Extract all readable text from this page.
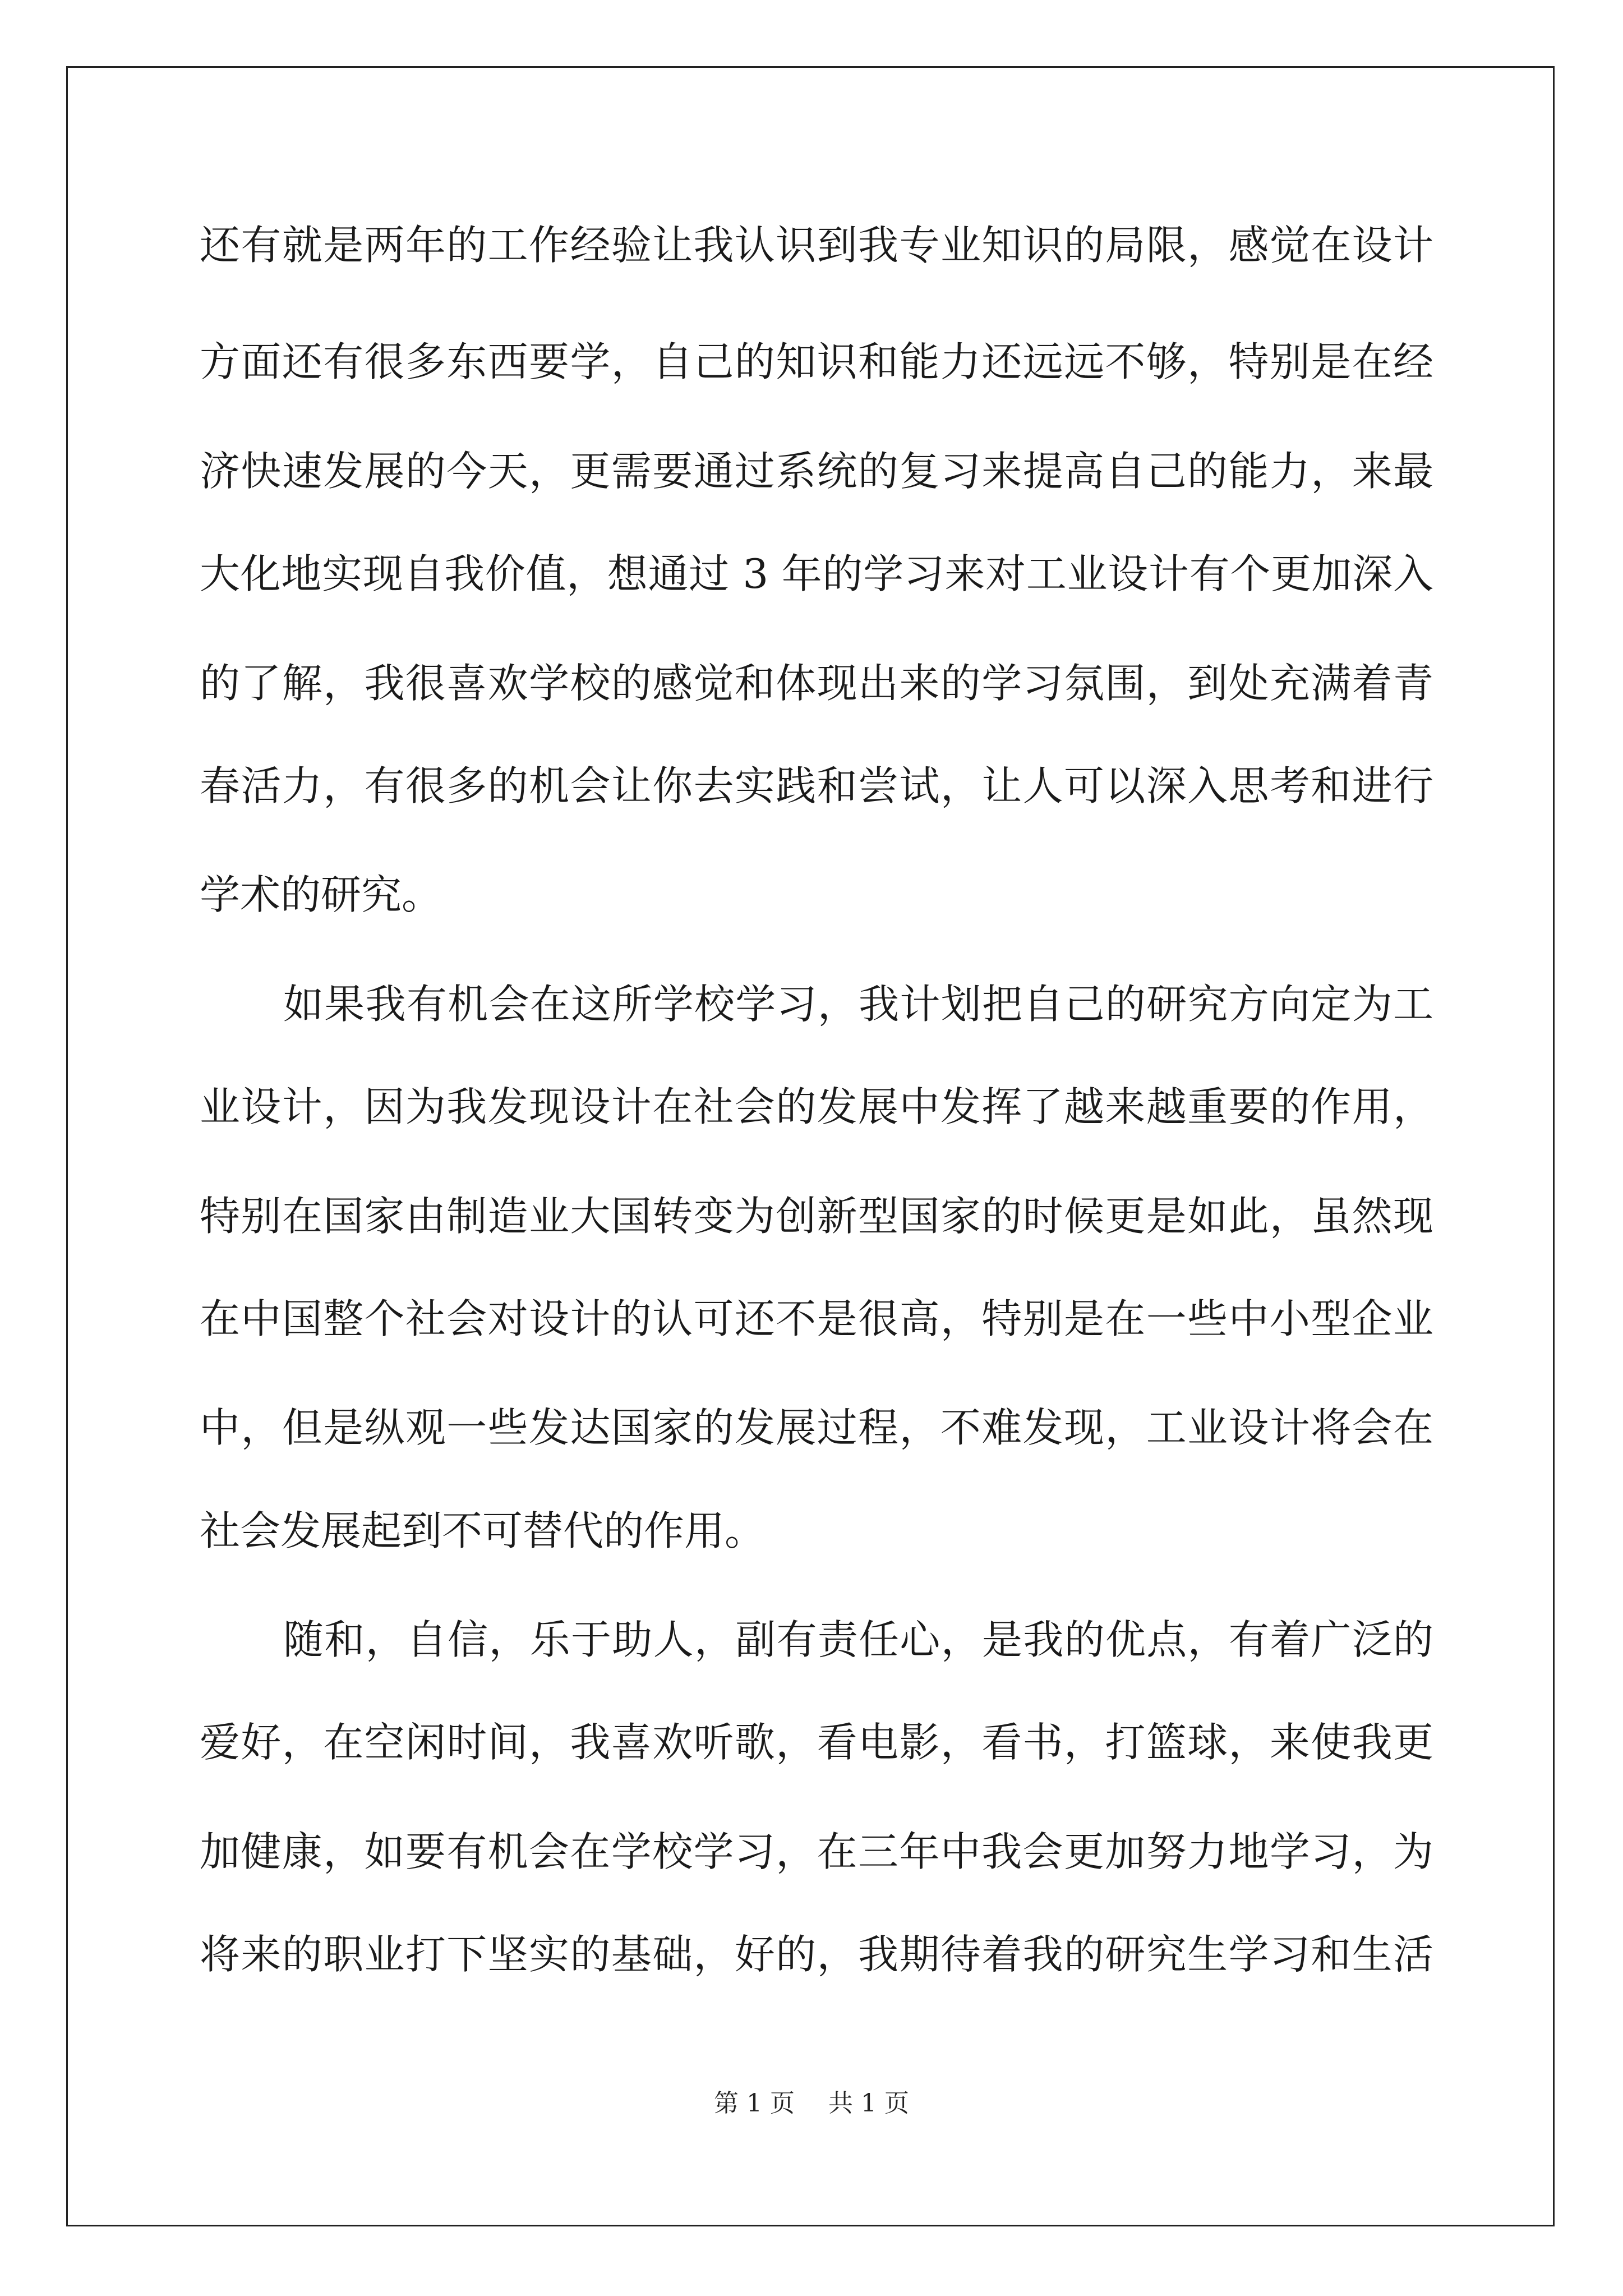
还有就是两年的工作经验让我认识到我专业知识的局限，感觉在设计
方面还有很多东西要学，自己的知识和能力还远远不够，特别是在经
济快速发展的今天，更需要通过系统的复习来提高自己的能力，来最
大化地实现自我价值，想通过 3 年的学习来对工业设计有个更加深入
的了解，我很喜欢学校的感觉和体现出来的学习氛围，到处充满着青
春活力，有很多的机会让你去实践和尝试，让人可以深入思考和进行
学术的研究。
如果我有机会在这所学校学习，我计划把自己的研究方向定为工
业设计，因为我发现设计在社会的发展中发挥了越来越重要的作用，
特别在国家由制造业大国转变为创新型国家的时候更是如此，虽然现
在中国整个社会对设计的认可还不是很高，特别是在一些中小型企业
中，但是纵观一些发达国家的发展过程，不难发现，工业设计将会在
社会发展起到不可替代的作用。
随和，自信，乐于助人，副有责任心，是我的优点，有着广泛的
爱好，在空闲时间，我喜欢听歌，看电影，看书，打篮球，来使我更
加健康，如要有机会在学校学习，在三年中我会更加努力地学习，为
将来的职业打下坚实的基础，好的，我期待着我的研究生学习和生活
第 1 页 共 1 页
